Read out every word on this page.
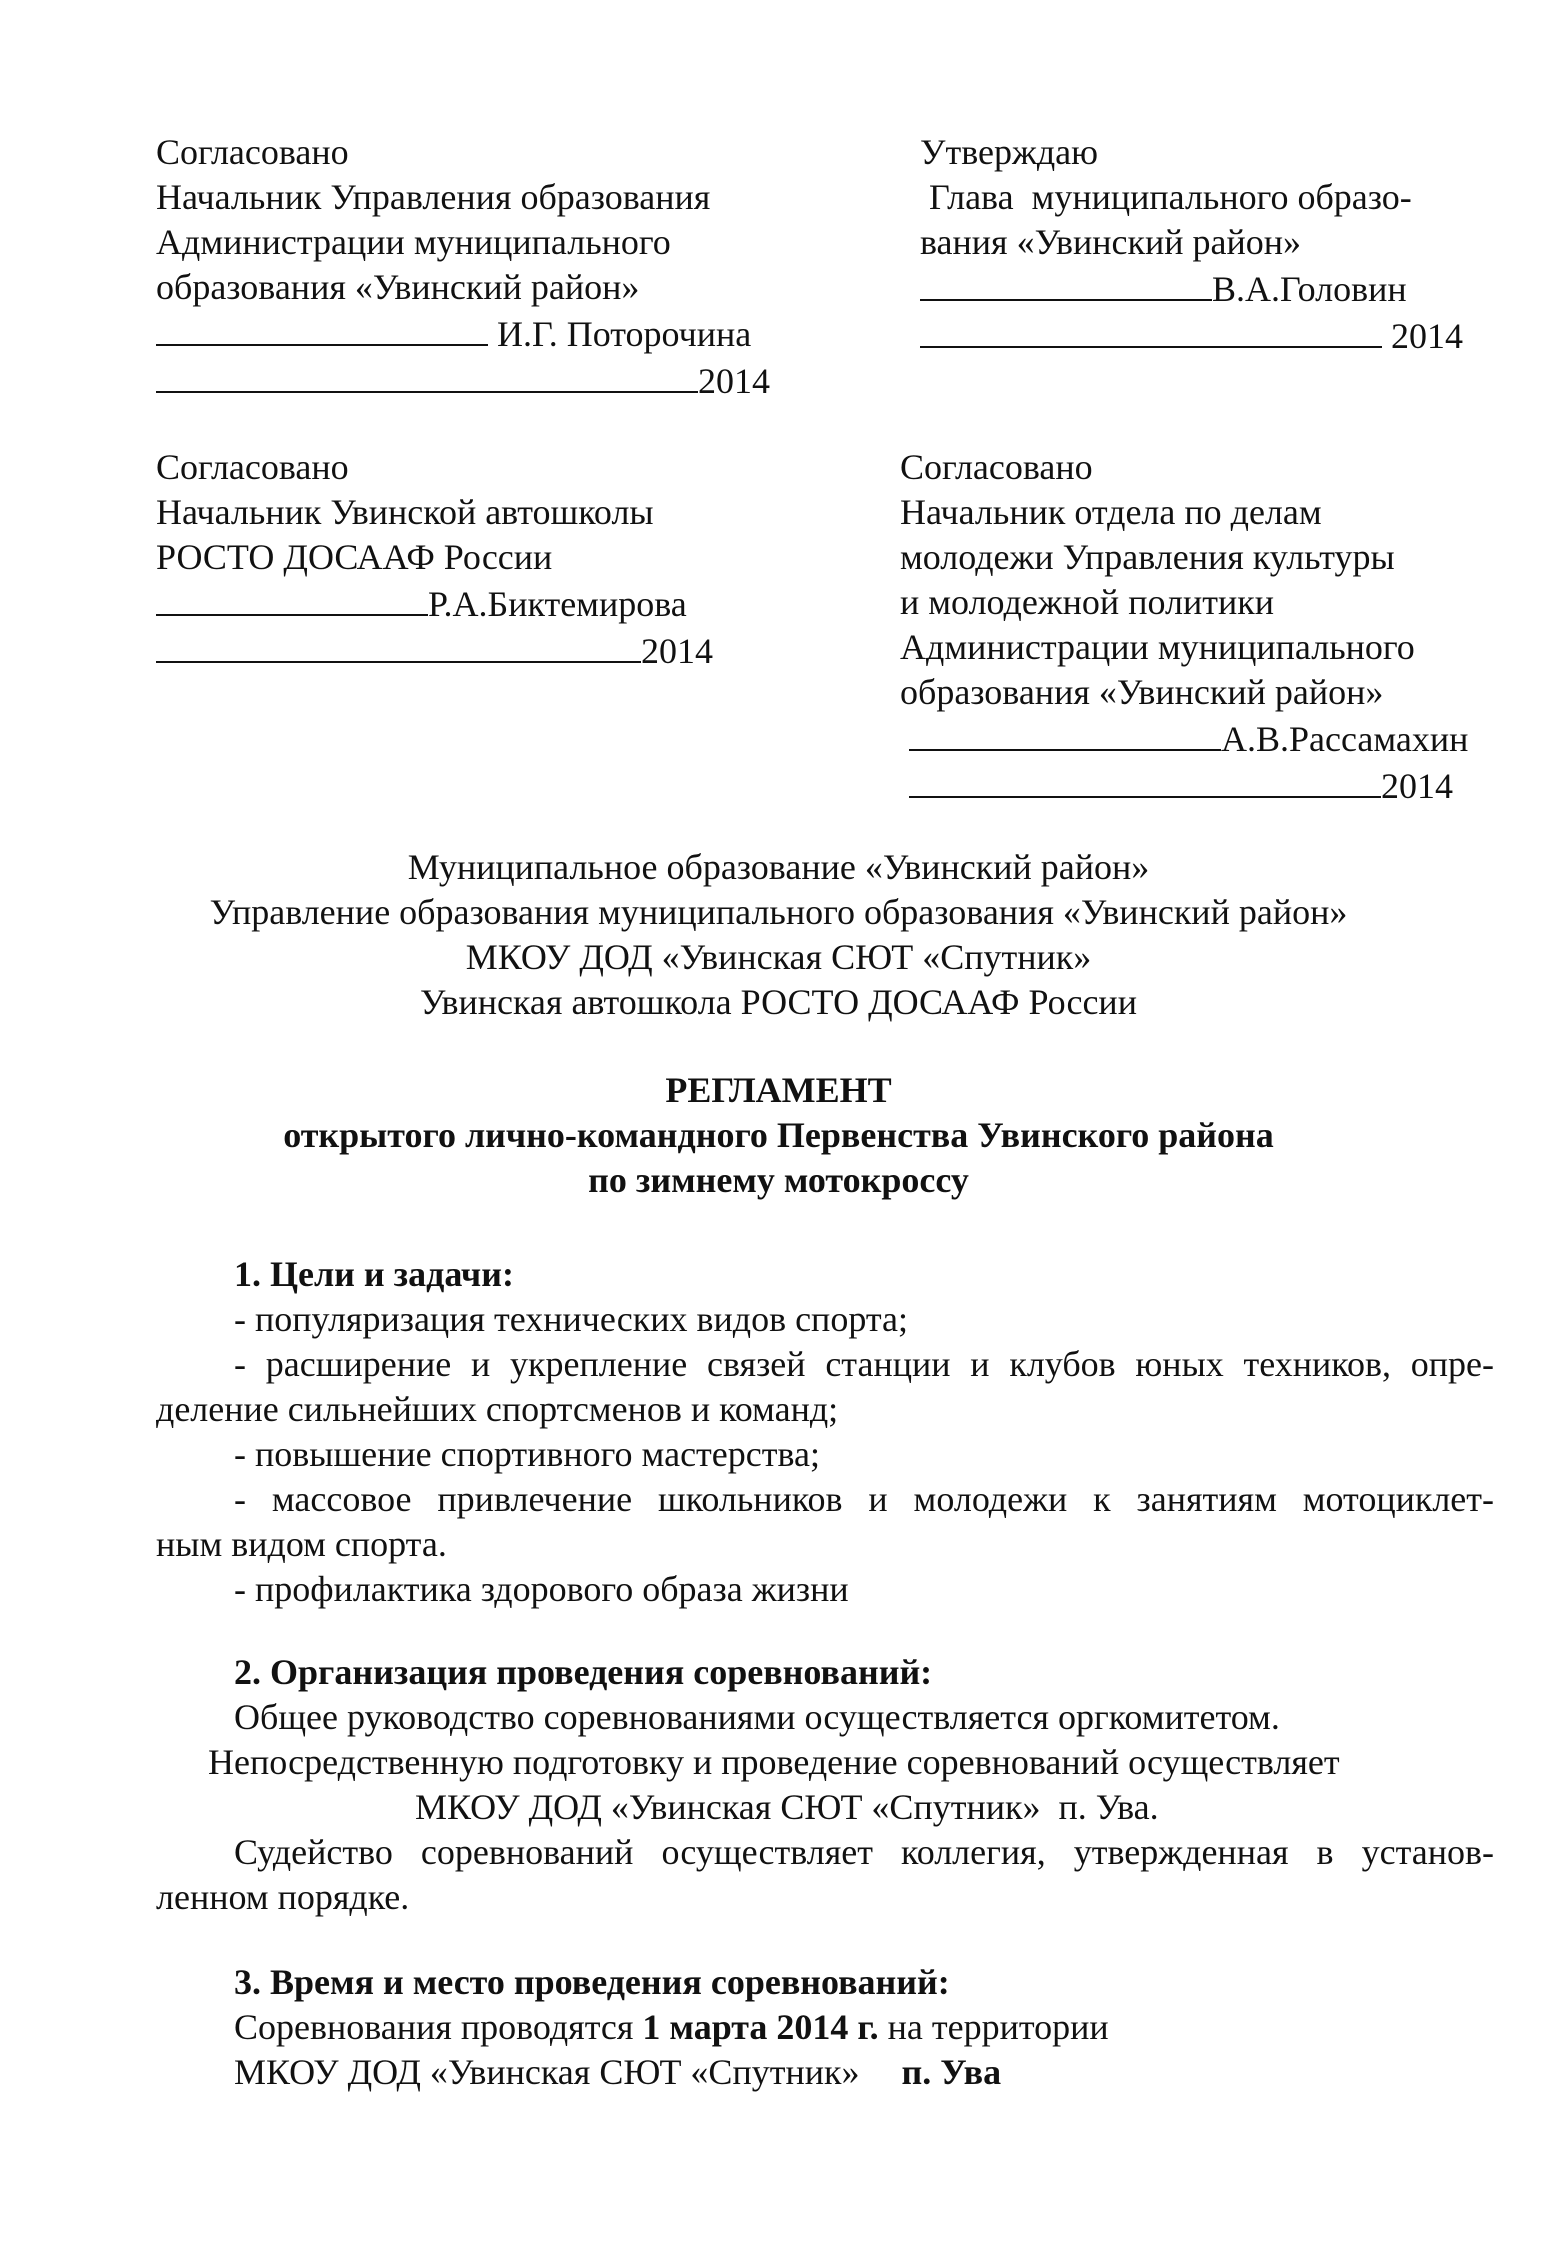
Согласовано
Начальник Управления образования
Администрации муниципального
образования «Увинский район»
И.Г. Поторочина
2014
Утверждаю
Глава  муниципального образо-
вания «Увинский район»
В.А.Головин
2014
Согласовано
Начальник Увинской автошколы
РОСТО ДОСААФ России
Р.А.Биктемирова
2014
Согласовано
Начальник отдела по делам
молодежи Управления культуры
и молодежной политики
Администрации муниципального
образования «Увинский район»
А.В.Рассамахин
2014
Муниципальное образование «Увинский район»
Управление образования муниципального образования «Увинский район»
МКОУ ДОД «Увинская СЮТ «Спутник»
Увинская автошкола РОСТО ДОСААФ России
РЕГЛАМЕНТ
открытого лично-командного Первенства Увинского района
по зимнему мотокроссу
1. Цели и задачи:
- популяризация технических видов спорта;
- расширение и укрепление связей станции и клубов юных техников, опре-
деление сильнейших спортсменов и команд;
- повышение спортивного мастерства;
- массовое привлечение школьников и молодежи к занятиям мотоциклет-
ным видом спорта.
- профилактика здорового образа жизни
2. Организация проведения соревнований:
Общее руководство соревнованиями осуществляется оргкомитетом.
Непосредственную подготовку и проведение соревнований осуществляет
МКОУ ДОД «Увинская СЮТ «Спутник»  п. Ува.
Судейство соревнований осуществляет коллегия, утвержденная в установ-
ленном порядке.
3. Время и место проведения соревнований:
Соревнования проводятся 1 марта 2014 г. на территории
МКОУ ДОД «Увинская СЮТ «Спутник» п. Ува
